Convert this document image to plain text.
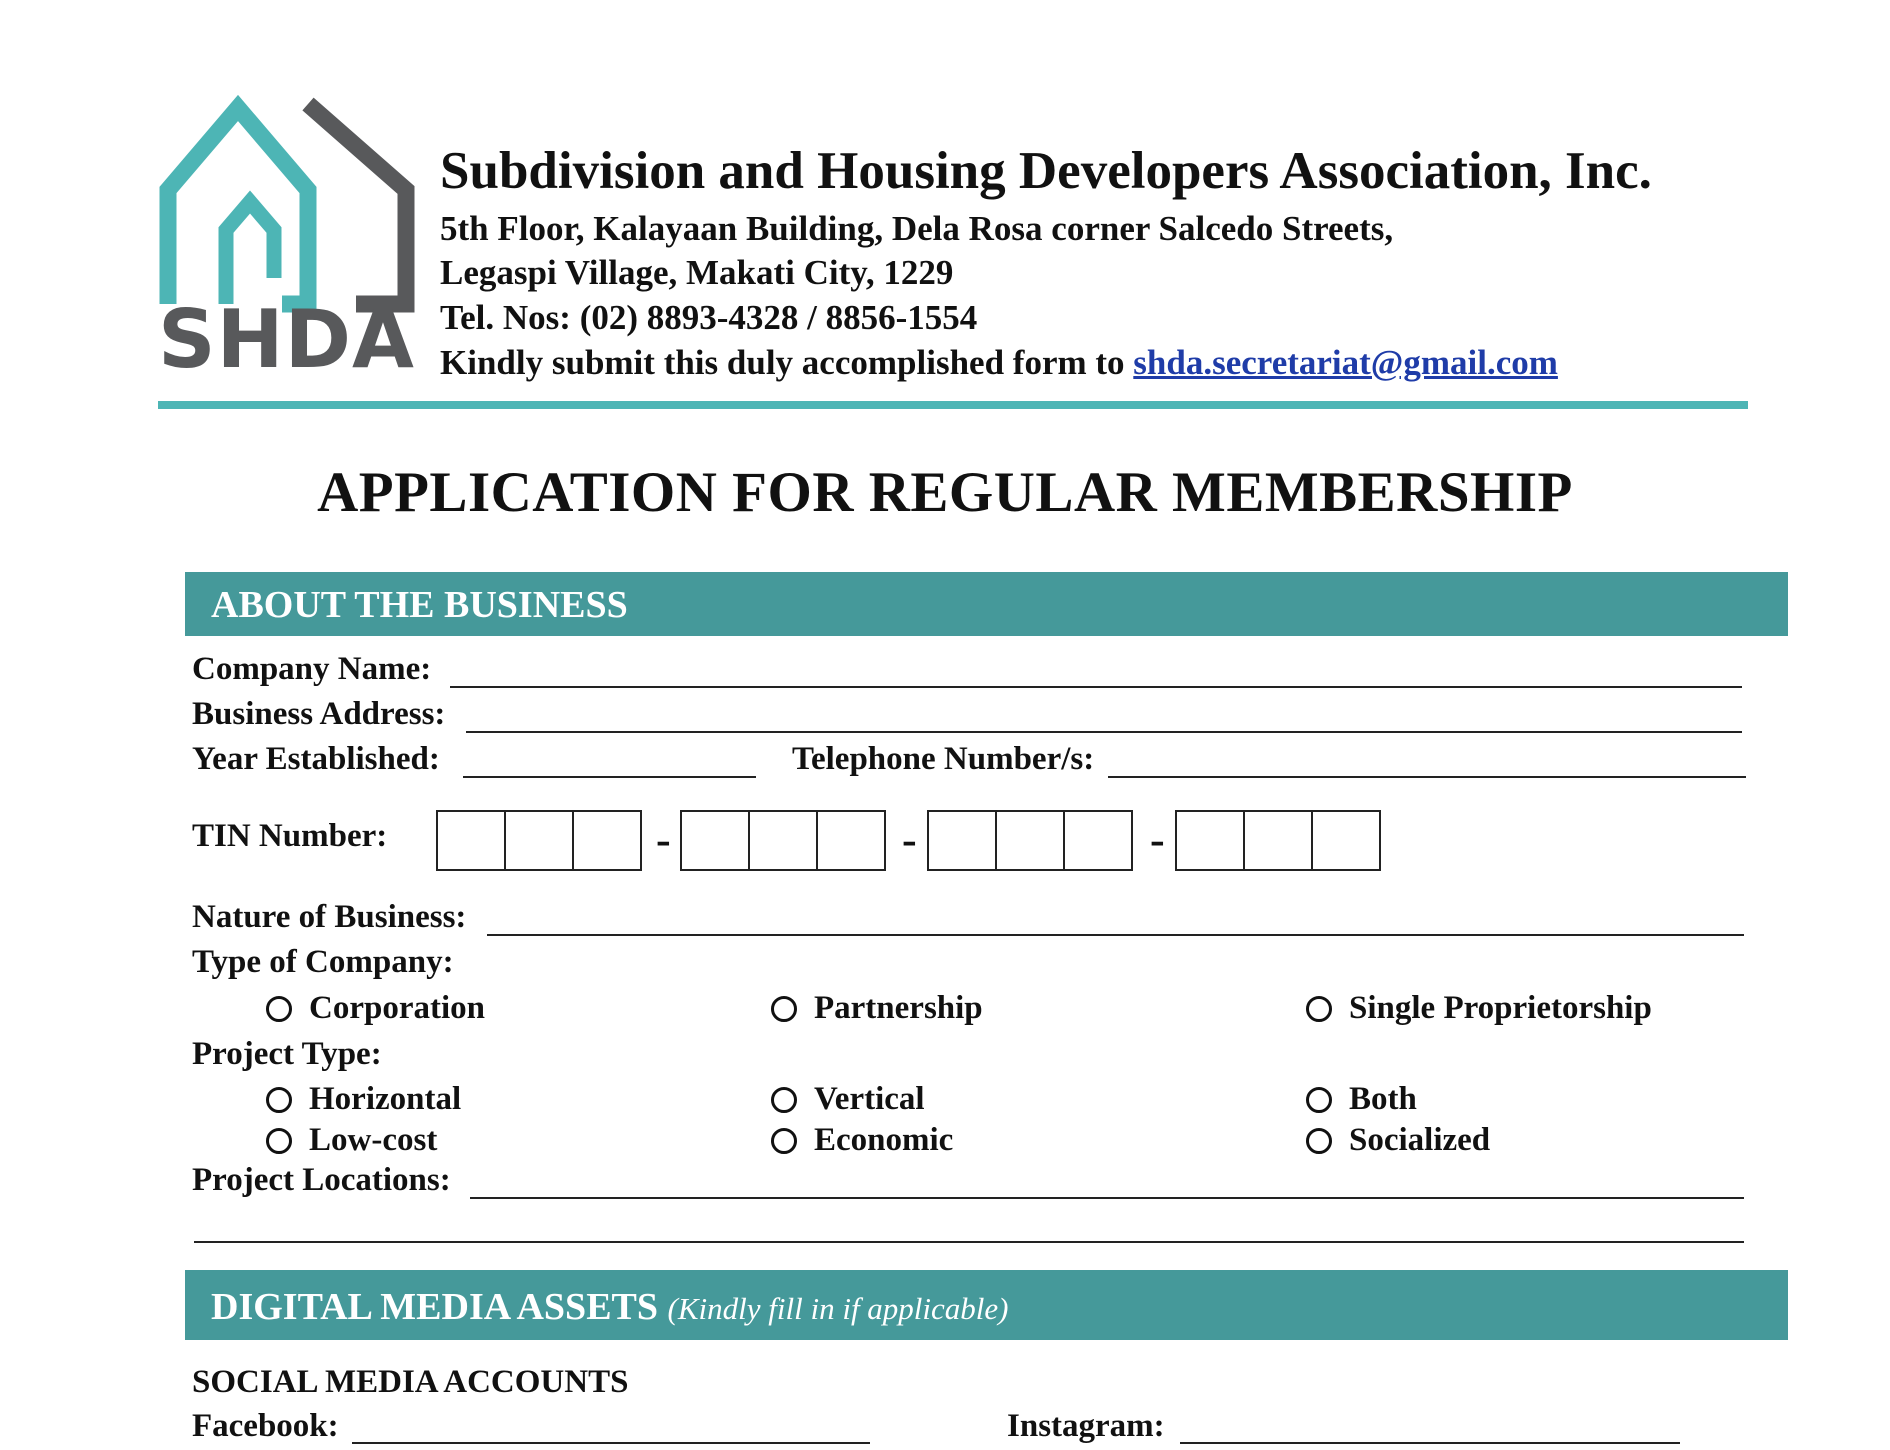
SHDA
Subdivision and Housing Developers Association, Inc.
5th Floor, Kalayaan Building, Dela Rosa corner Salcedo Streets,
Legaspi Village, Makati City, 1229
Tel. Nos: (02) 8893-4328 / 8856-1554
Kindly submit this duly accomplished form to shda.secretariat@gmail.com
APPLICATION FOR REGULAR MEMBERSHIP
ABOUT THE BUSINESS
Company Name:
Business Address:
Year Established:	Telephone Number/s:
TIN Number:	-	-	-
Nature of Business:
Type of Company:
Corporation	Partnership	Single Proprietorship
Project Type:
Horizontal	Vertical	Both
Low-cost	Economic	Socialized
Project Locations:
DIGITAL MEDIA ASSETS (Kindly fill in if applicable)
SOCIAL MEDIA ACCOUNTS
Facebook:	Instagram:
